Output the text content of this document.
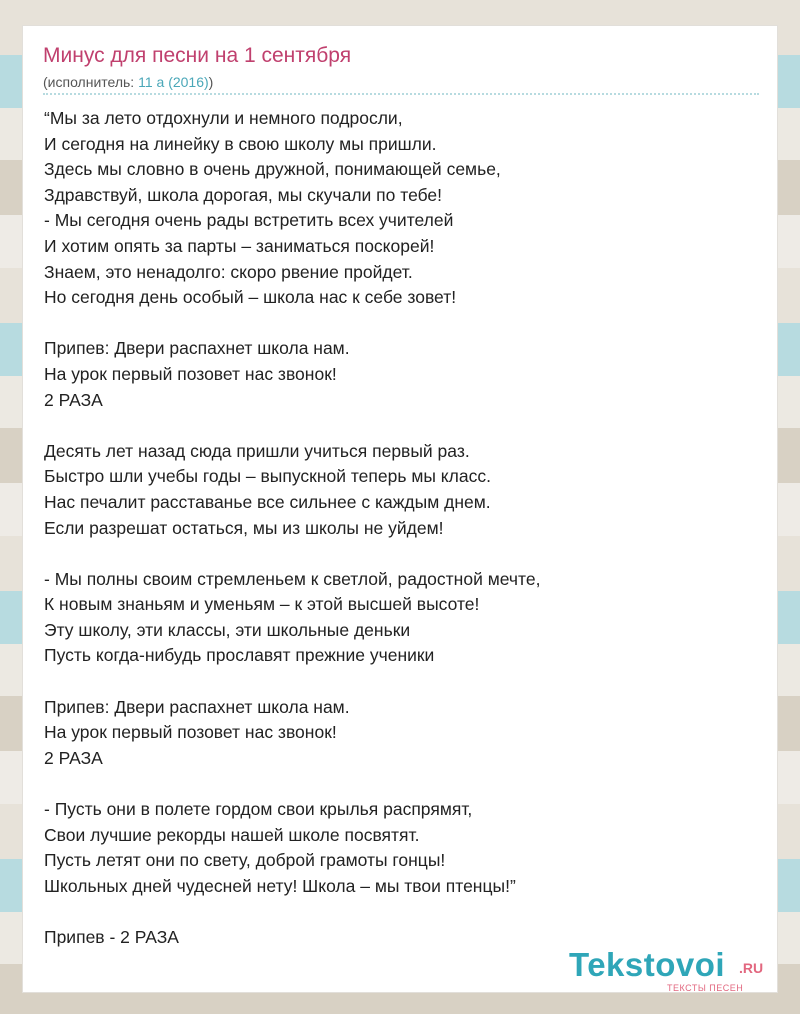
Минус для песни на 1 сентября
(исполнитель: 11 а (2016))
“Мы за лето отдохнули и немного подросли,
И сегодня на линейку в свою школу мы пришли.
Здесь мы словно в очень дружной, понимающей семье,
Здравствуй, школа дорогая, мы скучали по тебе!
- Мы сегодня очень рады встретить всех учителей
И хотим опять за парты – заниматься поскорей!
Знаем, это ненадолго: скоро рвение пройдет.
Но сегодня день особый – школа нас к себе зовет!
Припев: Двери распахнет школа нам.
На урок первый позовет нас звонок!
2 РАЗА
Десять лет назад сюда пришли учиться первый раз.
Быстро шли учебы годы – выпускной теперь мы класс.
Нас печалит расставанье все сильнее с каждым днем.
Если разрешат остаться, мы из школы не уйдем!
- Мы полны своим стремленьем к светлой, радостной мечте,
К новым знаньям и уменьям – к этой высшей высоте!
Эту школу, эти классы, эти школьные деньки
Пусть когда-нибудь прославят прежние ученики
Припев: Двери распахнет школа нам.
На урок первый позовет нас звонок!
2 РАЗА
- Пусть они в полете гордом свои крылья распрямят,
Свои лучшие рекорды нашей школе посвятят.
Пусть летят они по свету, доброй грамоты гонцы!
Школьных дней чудесней нету! Школа – мы твои птенцы!”
Припев - 2 РАЗА
Tekstovoi .RU
ТЕКСТЫ ПЕСЕН
